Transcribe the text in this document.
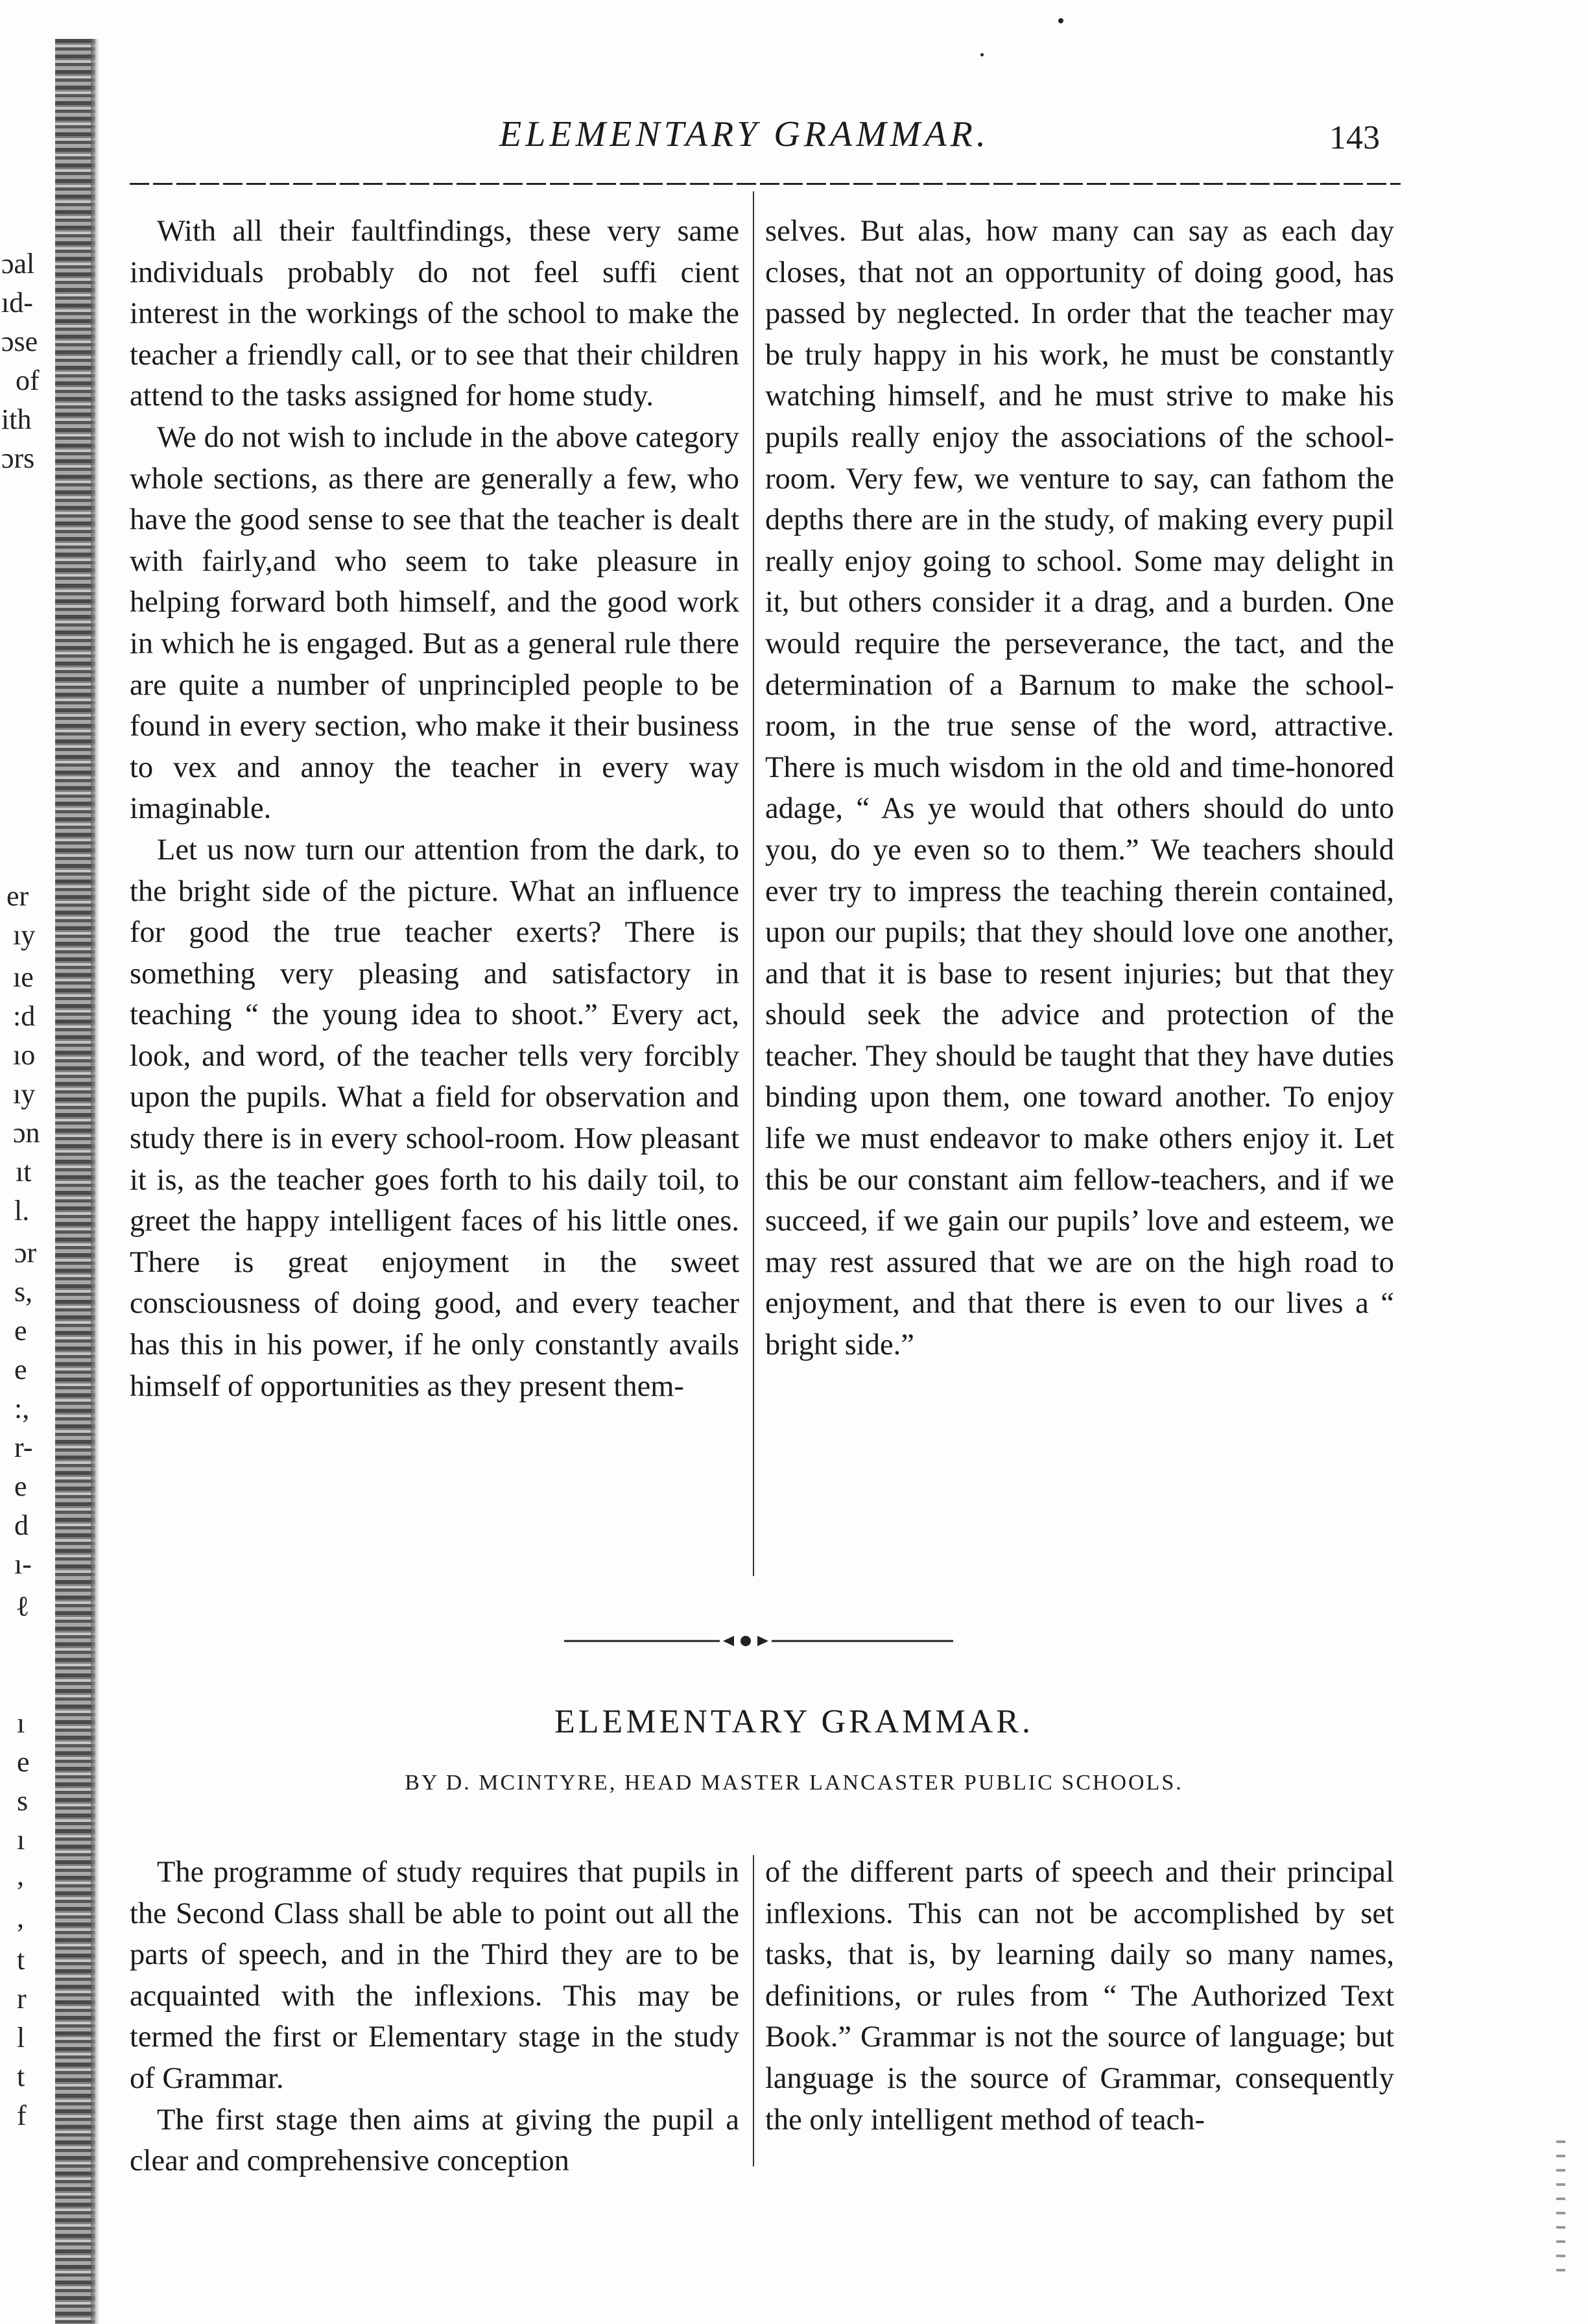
ɔal
ıd-
ɔse
of
ith
ɔrs
er
ıy
ıe
:d
ıo
ıy
ɔn
ıt
l.
ɔr
s,
e
e
:,
r-
e
d
ı-
ℓ
ı
e
s
ı
,
,
t
r
l
t
f
ELEMENTARY GRAMMAR.	143

With all their faultfindings, these very same individuals probably do not feel suffi cient interest in the workings of the school to make the teacher a friendly call, or to see that their children attend to the tasks assigned for home study.

We do not wish to include in the above category whole sections, as there are generally a few, who have the good sense to see that the teacher is dealt with fairly,and who seem to take pleasure in helping forward both himself, and the good work in which he is engaged. But as a general rule there are quite a number of unprincipled people to be found in every section, who make it their business to vex and annoy the teacher in every way imaginable.

Let us now turn our attention from the dark, to the bright side of the picture. What an influence for good the true teacher exerts? There is something very pleasing and satisfactory in teaching “ the young idea to shoot.” Every act, look, and word, of the teacher tells very forcibly upon the pupils. What a field for observation and study there is in every school-room. How pleasant it is, as the teacher goes forth to his daily toil, to greet the happy intelligent faces of his little ones. There is great enjoyment in the sweet consciousness of doing good, and every teacher has this in his power, if he only constantly avails himself of opportunities as they present them-

selves. But alas, how many can say as each day closes, that not an opportunity of doing good, has passed by neglected. In order that the teacher may be truly happy in his work, he must be constantly watching himself, and he must strive to make his pupils really enjoy the associations of the school-room. Very few, we venture to say, can fathom the depths there are in the study, of making every pupil really enjoy going to school. Some may delight in it, but others consider it a drag, and a burden. One would require the perseverance, the tact, and the determination of a Barnum to make the school-room, in the true sense of the word, attractive. There is much wisdom in the old and time-honored adage, “ As ye would that others should do unto you, do ye even so to them.” We teachers should ever try to impress the teaching therein contained, upon our pupils; that they should love one another, and that it is base to resent injuries; but that they should seek the advice and protection of the teacher. They should be taught that they have duties binding upon them, one toward another. To enjoy life we must endeavor to make others enjoy it. Let this be our constant aim fellow-teachers, and if we succeed, if we gain our pupils’ love and esteem, we may rest assured that we are on the high road to enjoyment, and that there is even to our lives a “ bright side.”

ELEMENTARY GRAMMAR.
BY D. MCINTYRE, HEAD MASTER LANCASTER PUBLIC SCHOOLS.

The programme of study requires that pupils in the Second Class shall be able to point out all the parts of speech, and in the Third they are to be acquainted with the inflexions. This may be termed the first or Elementary stage in the study of Grammar.

The first stage then aims at giving the pupil a clear and comprehensive conception

of the different parts of speech and their principal inflexions. This can not be accomplished by set tasks, that is, by learning daily so many names, definitions, or rules from “ The Authorized Text Book.” Grammar is not the source of language; but language is the source of Grammar, consequently the only intelligent method of teach-
